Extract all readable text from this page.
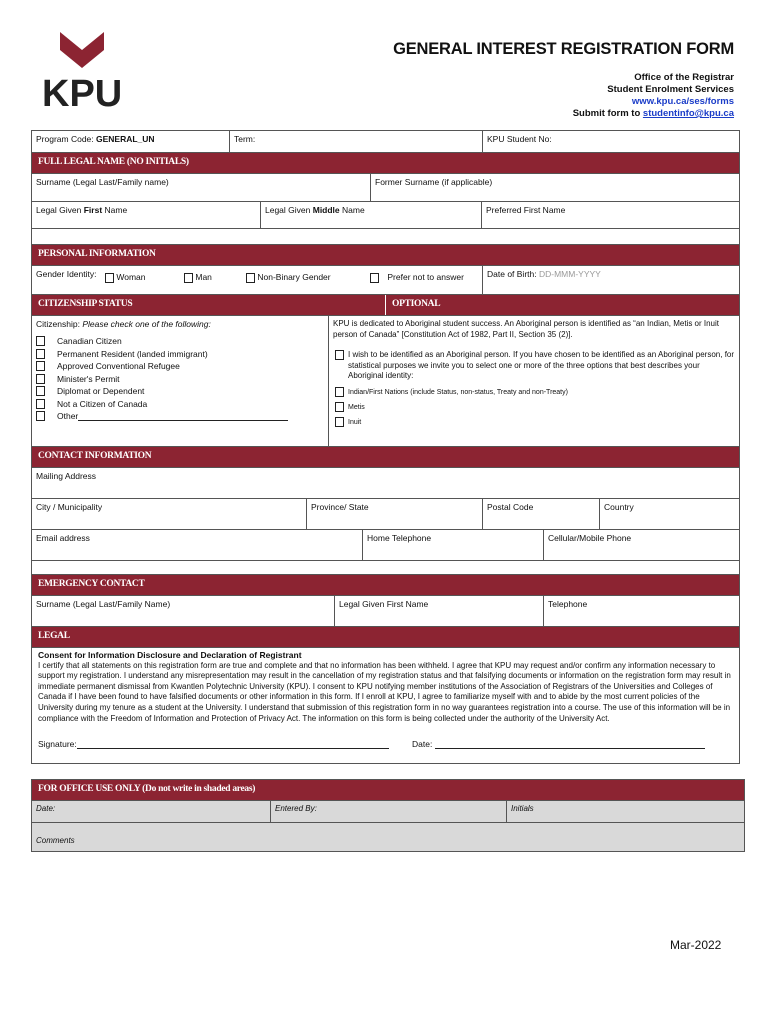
KPU
GENERAL INTEREST REGISTRATION FORM
Office of the Registrar
Student Enrolment Services
www.kpu.ca/ses/forms
Submit form to studentinfo@kpu.ca
Program Code: GENERAL_UN	Term:	KPU Student No:
FULL LEGAL NAME (NO INITIALS)
Surname (Legal Last/Family name)	Former Surname (if applicable)
Legal Given First Name	Legal Given Middle Name	Preferred First Name
PERSONAL INFORMATION
Gender Identity:	Woman	Man	Non-Binary Gender	Prefer not to answer	Date of Birth: DD-MMM-YYYY
CITIZENSHIP STATUS	OPTIONAL
Citizenship: Please check one of the following:
Canadian Citizen
Permanent Resident (landed immigrant)
Approved Conventional Refugee
Minister's Permit
Diplomat or Dependent
Not a Citizen of Canada
Other
KPU is dedicated to Aboriginal student success. An Aboriginal person is identified as “an Indian, Metis or Inuit person of Canada” [Constitution Act of 1982, Part II, Section 35 (2)].
I wish to be identified as an Aboriginal person. If you have chosen to be identified as an Aboriginal person, for statistical purposes we invite you to select one or more of the three options that best describes your Aboriginal identity:
Indian/First Nations (include Status, non-status, Treaty and non-Treaty)
Metis
Inuit
CONTACT INFORMATION
Mailing Address
City / Municipality	Province/ State	Postal Code	Country
Email address	Home Telephone	Cellular/Mobile Phone
EMERGENCY CONTACT
Surname (Legal Last/Family Name)	Legal Given First Name	Telephone
LEGAL
Consent for Information Disclosure and Declaration of Registrant
I certify that all statements on this registration form are true and complete and that no information has been withheld. I agree that KPU may request and/or confirm any information necessary to support my registration. I understand any misrepresentation may result in the cancellation of my registration status and that falsifying documents or information on the registration form may result in immediate permanent dismissal from Kwantlen Polytechnic University (KPU). I consent to KPU notifying member institutions of the Association of Registrars of the Universities and Colleges of Canada if I have been found to have falsified documents or other information in this form. If I enroll at KPU, I agree to familiarize myself with and to abide by the most current policies of the University during my tenure as a student at the University. I understand that submission of this registration form in no way guarantees registration into a course. The use of this information will be in compliance with the Freedom of Information and Protection of Privacy Act. The information on this form is being collected under the authority of the University Act.
Signature:	Date:
FOR OFFICE USE ONLY (Do not write in shaded areas)
Date:	Entered By:	Initials
Comments
Mar-2022
